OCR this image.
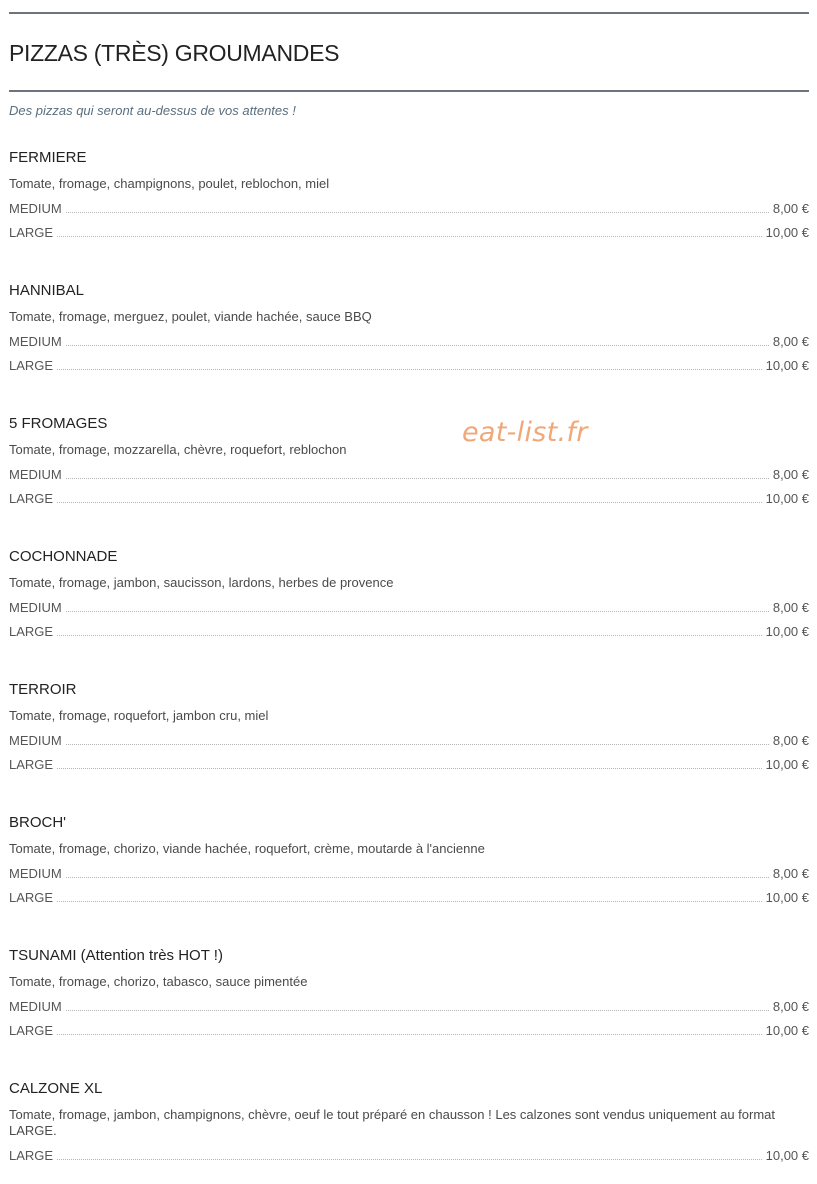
PIZZAS (TRÈS) GROUMANDES
Des pizzas qui seront au-dessus de vos attentes !
FERMIERE
Tomate, fromage, champignons, poulet, reblochon, miel
MEDIUM	8,00 €
LARGE	10,00 €
HANNIBAL
Tomate, fromage, merguez, poulet, viande hachée, sauce BBQ
MEDIUM	8,00 €
LARGE	10,00 €
5 FROMAGES
Tomate, fromage, mozzarella, chèvre, roquefort, reblochon
MEDIUM	8,00 €
LARGE	10,00 €
COCHONNADE
Tomate, fromage, jambon, saucisson, lardons, herbes de provence
MEDIUM	8,00 €
LARGE	10,00 €
TERROIR
Tomate, fromage, roquefort, jambon cru, miel
MEDIUM	8,00 €
LARGE	10,00 €
BROCH'
Tomate, fromage, chorizo, viande hachée, roquefort, crème, moutarde à l'ancienne
MEDIUM	8,00 €
LARGE	10,00 €
TSUNAMI (Attention très HOT !)
Tomate, fromage, chorizo, tabasco, sauce pimentée
MEDIUM	8,00 €
LARGE	10,00 €
CALZONE XL
Tomate, fromage, jambon, champignons, chèvre, oeuf le tout préparé en chausson ! Les calzones sont vendus uniquement au format LARGE.
LARGE	10,00 €
eat-list.fr
